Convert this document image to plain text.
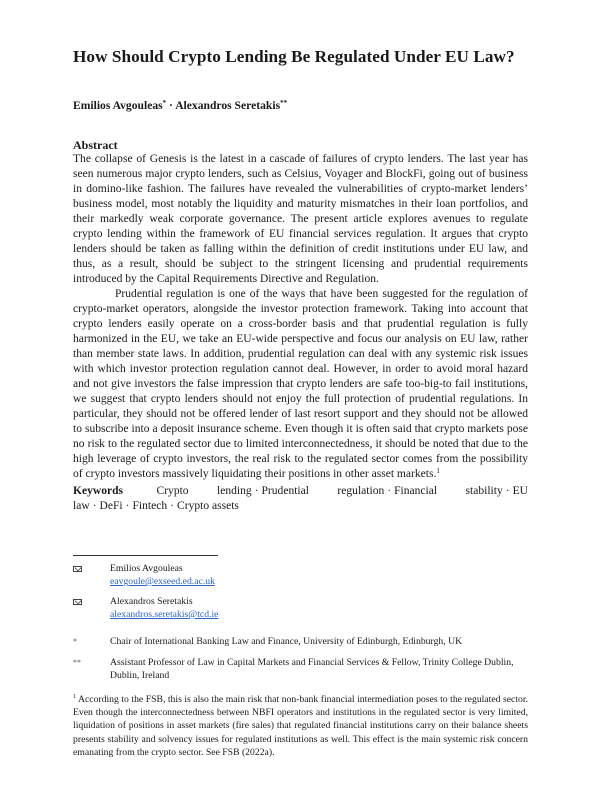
How Should Crypto Lending Be Regulated Under EU Law?
Emilios Avgouleas* · Alexandros Seretakis**
Abstract

The collapse of Genesis is the latest in a cascade of failures of crypto lenders. The last year has seen numerous major crypto lenders, such as Celsius, Voyager and BlockFi, going out of business in domino-like fashion. The failures have revealed the vulnerabilities of crypto-market lenders’ business model, most notably the liquidity and maturity mismatches in their loan portfolios, and their markedly weak corporate governance. The present article explores avenues to regulate crypto lending within the framework of EU financial services regulation. It argues that crypto lenders should be taken as falling within the definition of credit institutions under EU law, and thus, as a result, should be subject to the stringent licensing and prudential requirements introduced by the Capital Requirements Directive and Regulation.

Prudential regulation is one of the ways that have been suggested for the regulation of crypto-market operators, alongside the investor protection framework. Taking into account that crypto lenders easily operate on a cross-border basis and that prudential regulation is fully harmonized in the EU, we take an EU-wide perspective and focus our analysis on EU law, rather than member state laws. In addition, prudential regulation can deal with any systemic risk issues with which investor protection regulation cannot deal. However, in order to avoid moral hazard and not give investors the false impression that crypto lenders are safe too-big-to fail institutions, we suggest that crypto lenders should not enjoy the full protection of prudential regulations. In particular, they should not be offered lender of last resort support and they should not be allowed to subscribe into a deposit insurance scheme. Even though it is often said that crypto markets pose no risk to the regulated sector due to limited interconnectedness, it should be noted that due to the high leverage of crypto investors, the real risk to the regulated sector comes from the possibility of crypto investors massively liquidating their positions in other asset markets.$^1$

Keywords	Crypto lending · Prudential regulation · Financial stability · EU law · DeFi · Fintech · Crypto assets
Emilios Avgouleas
eavgoule@exseed.ed.ac.uk
Alexandros Seretakis
alexandros.seretakis@tcd.ie
*	Chair of International Banking Law and Finance, University of Edinburgh, Edinburgh, UK
**	Assistant Professor of Law in Capital Markets and Financial Services & Fellow, Trinity College Dublin, Dublin, Ireland

$^1$ According to the FSB, this is also the main risk that non-bank financial intermediation poses to the regulated sector. Even though the interconnectedness between NBFI operators and institutions in the regulated sector is very limited, liquidation of positions in asset markets (fire sales) that regulated financial institutions carry on their balance sheets presents stability and solvency issues for regulated institutions as well. This effect is the main systemic risk concern emanating from the crypto sector. See FSB (2022a).
